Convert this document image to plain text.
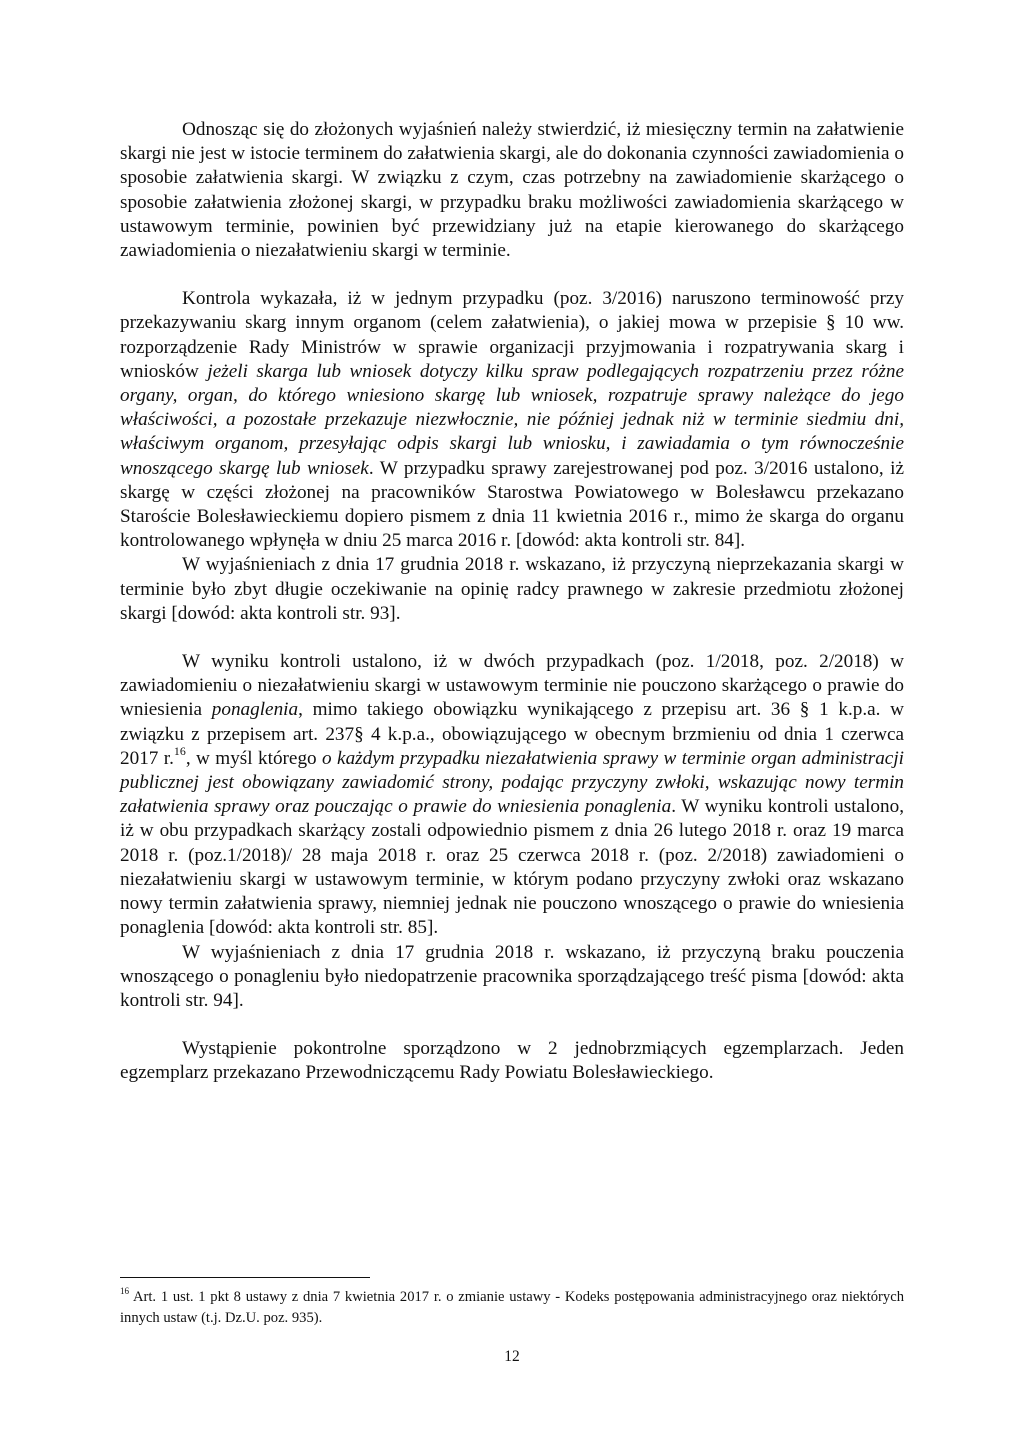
Odnosząc się do złożonych wyjaśnień należy stwierdzić, iż miesięczny termin na załatwienie skargi nie jest w istocie terminem do załatwienia skargi, ale do dokonania czynności zawiadomienia o sposobie załatwienia skargi. W związku z czym, czas potrzebny na zawiadomienie skarżącego o sposobie załatwienia złożonej skargi, w przypadku braku możliwości zawiadomienia skarżącego w ustawowym terminie, powinien być przewidziany już na etapie kierowanego do skarżącego zawiadomienia o niezałatwieniu skargi w terminie.

Kontrola wykazała, iż w jednym przypadku (poz. 3/2016) naruszono terminowość przy przekazywaniu skarg innym organom (celem załatwienia), o jakiej mowa w przepisie § 10 ww. rozporządzenie Rady Ministrów w sprawie organizacji przyjmowania i rozpatrywania skarg i wniosków jeżeli skarga lub wniosek dotyczy kilku spraw podlegających rozpatrzeniu przez różne organy, organ, do którego wniesiono skargę lub wniosek, rozpatruje sprawy należące do jego właściwości, a pozostałe przekazuje niezwłocznie, nie później jednak niż w terminie siedmiu dni, właściwym organom, przesyłając odpis skargi lub wniosku, i zawiadamia o tym równocześnie wnoszącego skargę lub wniosek. W przypadku sprawy zarejestrowanej pod poz. 3/2016 ustalono, iż skargę w części złożonej na pracowników Starostwa Powiatowego w Bolesławcu przekazano Staroście Bolesławieckiemu dopiero pismem z dnia 11 kwietnia 2016 r., mimo że skarga do organu kontrolowanego wpłynęła w dniu 25 marca 2016 r. [dowód: akta kontroli str. 84].

W wyjaśnieniach z dnia 17 grudnia 2018 r. wskazano, iż przyczyną nieprzekazania skargi w terminie było zbyt długie oczekiwanie na opinię radcy prawnego w zakresie przedmiotu złożonej skargi [dowód: akta kontroli str. 93].

W wyniku kontroli ustalono, iż w dwóch przypadkach (poz. 1/2018, poz. 2/2018) w zawiadomieniu o niezałatwieniu skargi w ustawowym terminie nie pouczono skarżącego o prawie do wniesienia ponaglenia, mimo takiego obowiązku wynikającego z przepisu art. 36 § 1 k.p.a. w związku z przepisem art. 237§ 4 k.p.a., obowiązującego w obecnym brzmieniu od dnia 1 czerwca 2017 r.$^{16}$, w myśl którego o każdym przypadku niezałatwienia sprawy w terminie organ administracji publicznej jest obowiązany zawiadomić strony, podając przyczyny zwłoki, wskazując nowy termin załatwienia sprawy oraz pouczając o prawie do wniesienia ponaglenia. W wyniku kontroli ustalono, iż w obu przypadkach skarżący zostali odpowiednio pismem z dnia 26 lutego 2018 r. oraz 19 marca 2018 r. (poz.1/2018)/ 28 maja 2018 r. oraz 25 czerwca 2018 r. (poz. 2/2018) zawiadomieni o niezałatwieniu skargi w ustawowym terminie, w którym podano przyczyny zwłoki oraz wskazano nowy termin załatwienia sprawy, niemniej jednak nie pouczono wnoszącego o prawie do wniesienia ponaglenia [dowód: akta kontroli str. 85].

W wyjaśnieniach z dnia 17 grudnia 2018 r. wskazano, iż przyczyną braku pouczenia wnoszącego o ponagleniu było niedopatrzenie pracownika sporządzającego treść pisma [dowód: akta kontroli str. 94].

Wystąpienie pokontrolne sporządzono w 2 jednobrzmiących egzemplarzach. Jeden egzemplarz przekazano Przewodniczącemu Rady Powiatu Bolesławieckiego.

$^{16}$ Art. 1 ust. 1 pkt 8 ustawy z dnia 7 kwietnia 2017 r. o zmianie ustawy - Kodeks postępowania administracyjnego oraz niektórych innych ustaw (t.j. Dz.U. poz. 935).
12
